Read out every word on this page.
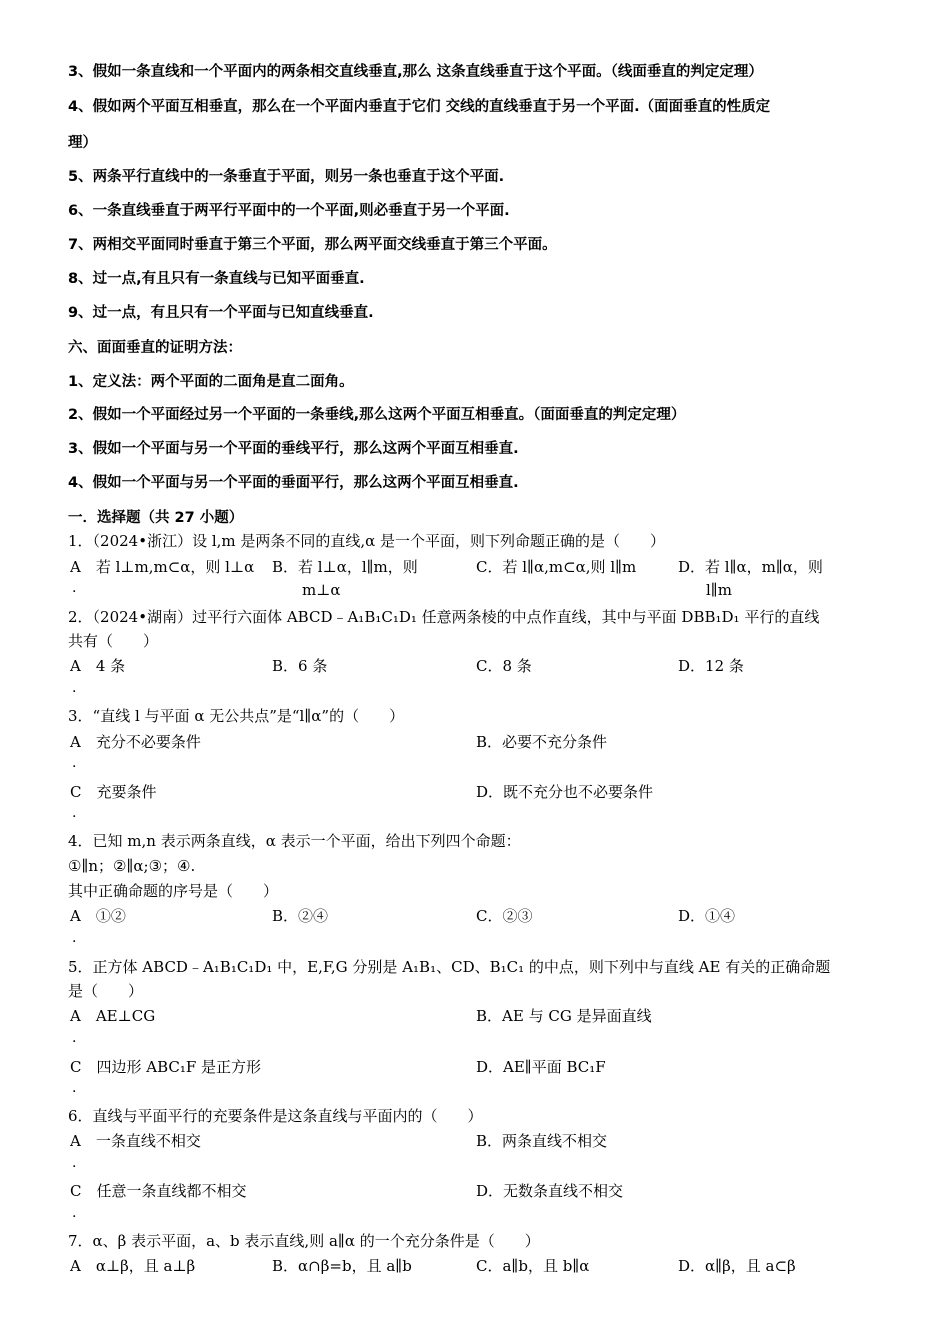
3、假如一条直线和一个平面内的两条相交直线垂直,那么 这条直线垂直于这个平面。（线面垂直的判定定理）
4、假如两个平面互相垂直，那么在一个平面内垂直于它们 交线的直线垂直于另一个平面.（面面垂直的性质定
理）
5、两条平行直线中的一条垂直于平面，则另一条也垂直于这个平面.
6、一条直线垂直于两平行平面中的一个平面,则必垂直于另一个平面.
7、两相交平面同时垂直于第三个平面，那么两平面交线垂直于第三个平面。
8、过一点,有且只有一条直线与已知平面垂直.
9、过一点，有且只有一个平面与已知直线垂直.
六、面面垂直的证明方法：
1、定义法：两个平面的二面角是直二面角。
2、假如一个平面经过另一个平面的一条垂线,那么这两个平面互相垂直。（面面垂直的判定定理）
3、假如一个平面与另一个平面的垂线平行，那么这两个平面互相垂直.
4、假如一个平面与另一个平面的垂面平行，那么这两个平面互相垂直.
一．选择题（共 27 小题）
1．（2024•浙江）设 l,m 是两条不同的直线,α 是一个平面，则下列命题正确的是（　　）
A　若 l⊥m,m⊂α，则 l⊥α
.
B．若 l⊥α，l∥m，则
m⊥α
C．若 l∥α,m⊂α,则 l∥m	D．若 l∥α，m∥α，则
l∥m
2．（2024•湖南）过平行六面体 ABCD﹣A₁B₁C₁D₁ 任意两条棱的中点作直线，其中与平面 DBB₁D₁ 平行的直线
共有（　　）
A　4 条
.
B．6 条	C．8 条	D．12 条
3．“直线 l 与平面 α 无公共点”是“l∥α”的（　　）
A　充分不必要条件
.
B．必要不充分条件
C　充要条件
.
D．既不充分也不必要条件
4．已知 m,n 表示两条直线，α 表示一个平面，给出下列四个命题：
①∥n；②∥α;③；④.
其中正确命题的序号是（　　）
A　①②
.
B．②④	C．②③	D．①④
5．正方体 ABCD﹣A₁B₁C₁D₁ 中，E,F,G 分别是 A₁B₁、CD、B₁C₁ 的中点，则下列中与直线 AE 有关的正确命题
是（　　）
A　AE⊥CG
.
B．AE 与 CG 是异面直线
C　四边形 ABC₁F 是正方形
.
D．AE∥平面 BC₁F
6．直线与平面平行的充要条件是这条直线与平面内的（　　）
A　一条直线不相交
.
B．两条直线不相交
C　任意一条直线都不相交
.
D．无数条直线不相交
7．α、β 表示平面，a、b 表示直线,则 a∥α 的一个充分条件是（　　）
A　α⊥β，且 a⊥β	B．α∩β=b，且 a∥b	C．a∥b，且 b∥α	D．α∥β，且 a⊂β
